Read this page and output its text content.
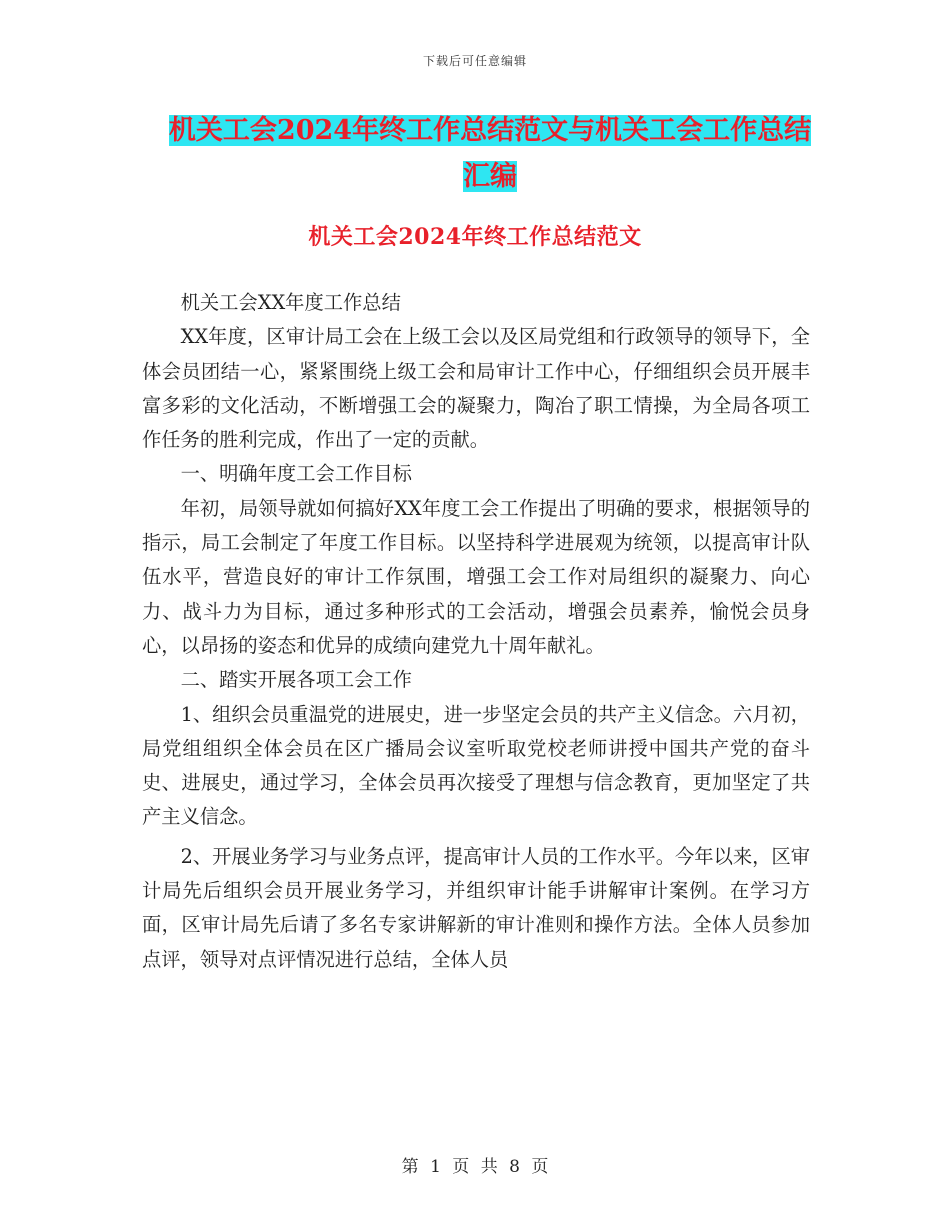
下载后可任意编辑
机关工会2024年终工作总结范文与机关工会工作总结
汇编
机关工会2024年终工作总结范文

机关工会XX年度工作总结

XX年度，区审计局工会在上级工会以及区局党组和行政领导的领导下，全体会员团结一心，紧紧围绕上级工会和局审计工作中心，仔细组织会员开展丰富多彩的文化活动，不断增强工会的凝聚力，陶冶了职工情操，为全局各项工作任务的胜利完成，作出了一定的贡献。

一、明确年度工会工作目标

年初，局领导就如何搞好XX年度工会工作提出了明确的要求，根据领导的指示，局工会制定了年度工作目标。以坚持科学进展观为统领，以提高审计队伍水平，营造良好的审计工作氛围，增强工会工作对局组织的凝聚力、向心力、战斗力为目标，通过多种形式的工会活动，增强会员素养，愉悦会员身心，以昂扬的姿态和优异的成绩向建党九十周年献礼。

二、踏实开展各项工会工作

1、组织会员重温党的进展史，进一步坚定会员的共产主义信念。六月初，局党组组织全体会员在区广播局会议室听取党校老师讲授中国共产党的奋斗史、进展史，通过学习，全体会员再次接受了理想与信念教育，更加坚定了共产主义信念。

2、开展业务学习与业务点评，提高审计人员的工作水平。今年以来，区审计局先后组织会员开展业务学习，并组织审计能手讲解审计案例。在学习方面，区审计局先后请了多名专家讲解新的审计准则和操作方法。全体人员参加点评，领导对点评情况进行总结，全体人员

第 1 页 共 8 页
